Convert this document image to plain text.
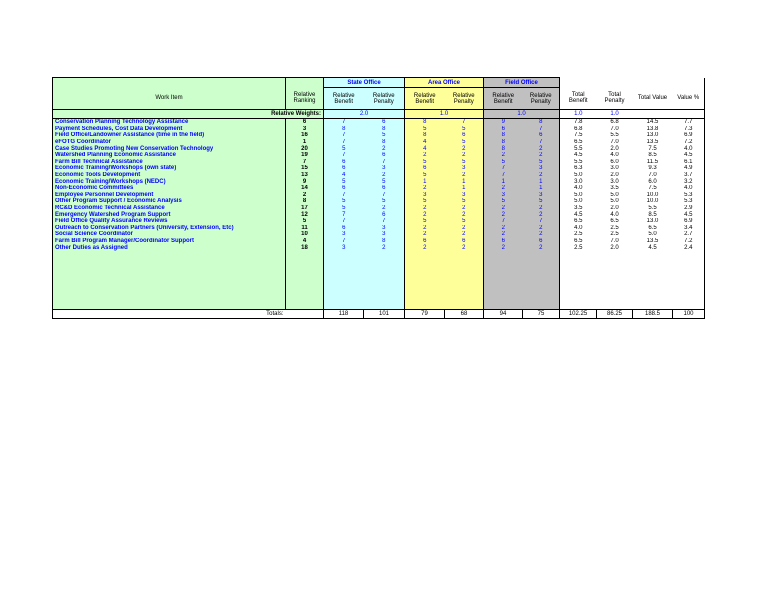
		State Office		Area Office		Field Office					
Work Item	Relative Ranking	Relative Benefit	Relative Penalty	Relative Benefit	Relative Penalty	Relative Benefit	Relative Penalty	Total Benefit	Total Penalty	Total Value	Value %
Relative Weights:		2.0		1.0		1.0		1.0	1.0		
Conservation Planning Technology Assistance	6	7	6	8	7	9	8	7.8	6.8	14.5	7.7
Payment Schedules, Cost Data Development	3	8	8	5	5	6	7	6.8	7.0	13.8	7.3
Field Office/Landowner Assistance (time in the field)	16	7	5	8	6	8	6	7.5	5.5	13.0	6.9
eFOTG Coordinator	1	7	8	4	5	8	7	6.5	7.0	13.5	7.2
Case Studies Promoting New Conservation Technology	20	5	2	4	2	8	2	5.5	2.0	7.5	4.0
Watershed Planning Economic Assistance	19	7	6	2	2	2	2	4.5	4.0	8.5	4.5
Farm Bill Technical Assistance	7	6	7	5	5	5	5	5.5	6.0	11.5	6.1
Economic Training/Workshops (own state)	15	6	3	6	3	7	3	6.3	3.0	9.3	4.9
Economic Tools Development	13	4	2	5	2	7	2	5.0	2.0	7.0	3.7
Economic Training/Workshops (NEDC)	9	5	5	1	1	1	1	3.0	3.0	6.0	3.2
Non-Economic Committees	14	6	6	2	1	2	1	4.0	3.5	7.5	4.0
Employee Personnel Development	2	7	7	3	3	3	3	5.0	5.0	10.0	5.3
Other Program Support / Economic Analysis	8	5	5	5	5	5	5	5.0	5.0	10.0	5.3
RC&D Economic Technical Assistance	17	5	2	2	2	2	2	3.5	2.0	5.5	2.9
Emergency Watershed Program Support	12	7	6	2	2	2	2	4.5	4.0	8.5	4.5
Field Office Quality Assurance Reviews	5	7	7	5	5	7	7	6.5	6.5	13.0	6.9
Outreach to Conservation Partners (University, Extension, Etc)	11	6	3	2	2	2	2	4.0	2.5	6.5	3.4
Social Science Coordinator	10	3	3	2	2	2	2	2.5	2.5	5.0	2.7
Farm Bill Program Manager/Coordinator Support	4	7	8	6	6	6	6	6.5	7.0	13.5	7.2
Other Duties as Assigned	18	3	2	2	2	2	2	2.5	2.0	4.5	2.4

Totals:		118	101	79	68	94	75	102.25	86.25	188.5	100
